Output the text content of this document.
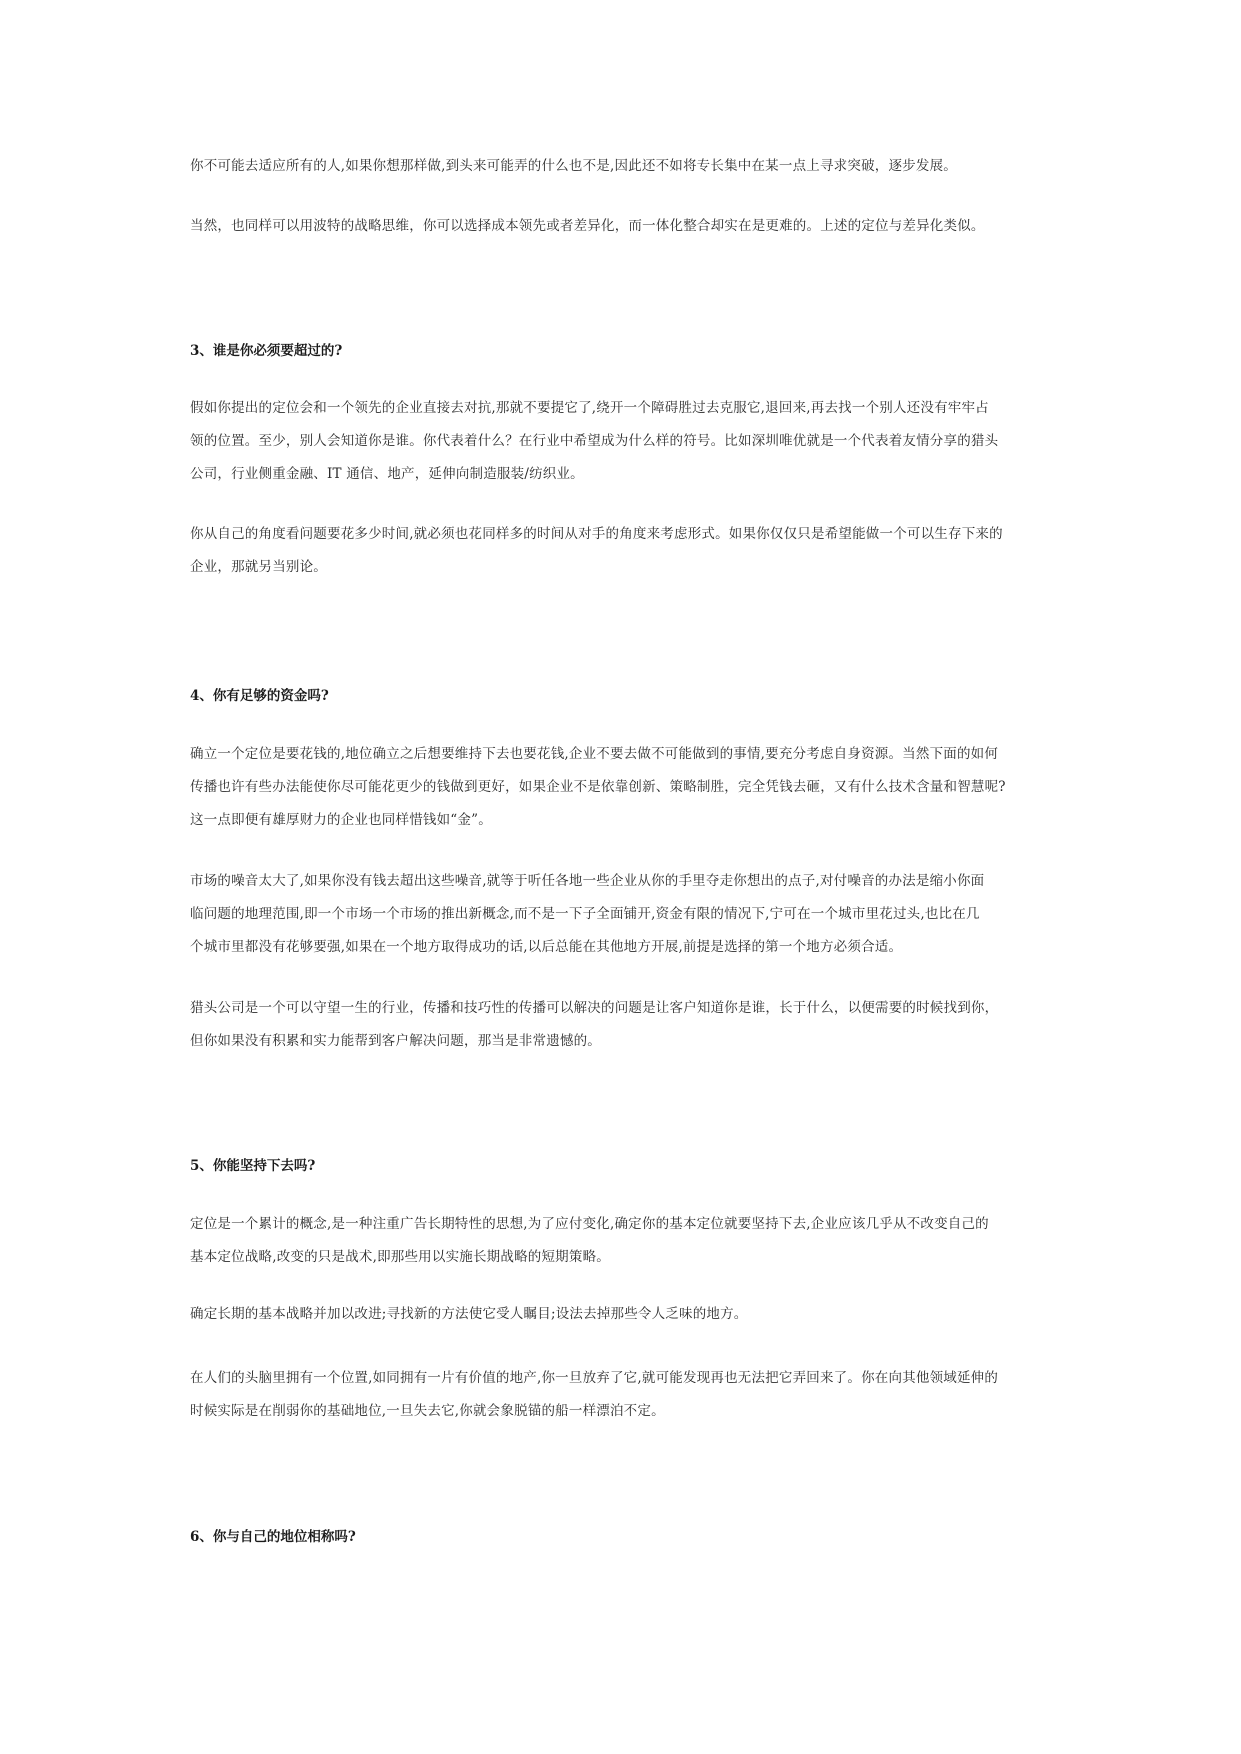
你不可能去适应所有的人,如果你想那样做,到头来可能弄的什么也不是,因此还不如将专长集中在某一点上寻求突破，逐步发展。

当然，也同样可以用波特的战略思维，你可以选择成本领先或者差异化，而一体化整合却实在是更难的。上述的定位与差异化类似。

3、谁是你必须要超过的?

假如你提出的定位会和一个领先的企业直接去对抗,那就不要提它了,绕开一个障碍胜过去克服它,退回来,再去找一个别人还没有牢牢占
领的位置。至少，别人会知道你是谁。你代表着什么？在行业中希望成为什么样的符号。比如深圳唯优就是一个代表着友情分享的猎头
公司，行业侧重金融、IT 通信、地产，延伸向制造服装/纺织业。

你从自己的角度看问题要花多少时间,就必须也花同样多的时间从对手的角度来考虑形式。如果你仅仅只是希望能做一个可以生存下来的
企业，那就另当别论。

4、你有足够的资金吗?

确立一个定位是要花钱的,地位确立之后想要维持下去也要花钱,企业不要去做不可能做到的事情,要充分考虑自身资源。当然下面的如何
传播也许有些办法能使你尽可能花更少的钱做到更好，如果企业不是依靠创新、策略制胜，完全凭钱去砸，又有什么技术含量和智慧呢?
这一点即便有雄厚财力的企业也同样惜钱如“金”。

市场的噪音太大了,如果你没有钱去超出这些噪音,就等于听任各地一些企业从你的手里夺走你想出的点子,对付噪音的办法是缩小你面
临问题的地理范围,即一个市场一个市场的推出新概念,而不是一下子全面铺开,资金有限的情况下,宁可在一个城市里花过头,也比在几
个城市里都没有花够要强,如果在一个地方取得成功的话,以后总能在其他地方开展,前提是选择的第一个地方必须合适。

猎头公司是一个可以守望一生的行业，传播和技巧性的传播可以解决的问题是让客户知道你是谁，长于什么，以便需要的时候找到你，
但你如果没有积累和实力能帮到客户解决问题，那当是非常遗憾的。

5、你能坚持下去吗?

定位是一个累计的概念,是一种注重广告长期特性的思想,为了应付变化,确定你的基本定位就要坚持下去,企业应该几乎从不改变自己的
基本定位战略,改变的只是战术,即那些用以实施长期战略的短期策略。

确定长期的基本战略并加以改进;寻找新的方法使它受人瞩目;设法去掉那些令人乏味的地方。

在人们的头脑里拥有一个位置,如同拥有一片有价值的地产,你一旦放弃了它,就可能发现再也无法把它弄回来了。你在向其他领域延伸的
时候实际是在削弱你的基础地位,一旦失去它,你就会象脱锚的船一样漂泊不定。

6、你与自己的地位相称吗?
